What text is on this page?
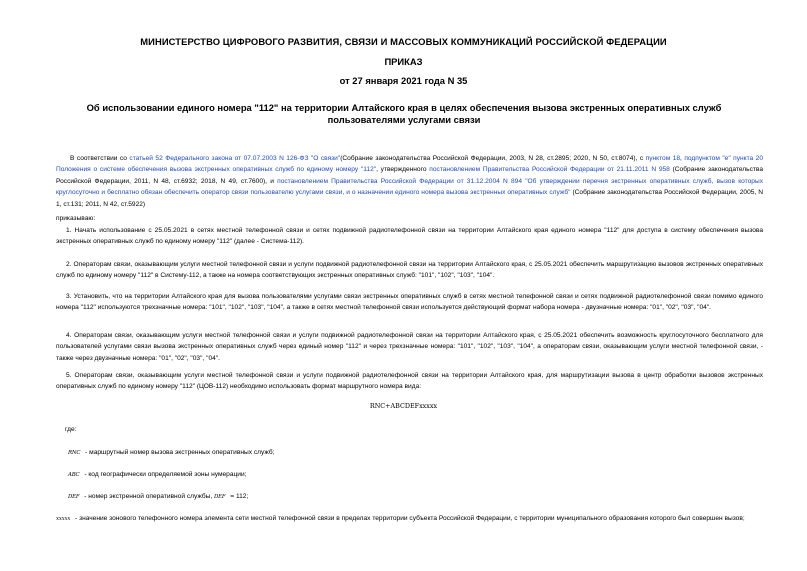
МИНИСТЕРСТВО ЦИФРОВОГО РАЗВИТИЯ, СВЯЗИ И МАССОВЫХ КОММУНИКАЦИЙ РОССИЙСКОЙ ФЕДЕРАЦИИ
ПРИКАЗ
от 27 января 2021 года N 35
Об использовании единого номера "112" на территории Алтайского края в целях обеспечения вызова экстренных оперативных служб пользователями услугами связи
В соответствии со статьей 52 Федерального закона от 07.07.2003 N 126-ФЗ "О связи"(Собрание законодательства Российской Федерации, 2003, N 28, ст.2895; 2020, N 50, ст.8074), с пунктом 18, подпунктом "е" пункта 20 Положения о системе обеспечения вызова экстренных оперативных служб по единому номеру "112", утвержденного постановлением Правительства Российской Федерации от 21.11.2011 N 958 (Собрание законодательства Российской Федерации, 2011, N 48, ст.6932; 2018, N 49, ст.7600), и постановлением Правительства Российской Федерации от 31.12.2004 N 894 "Об утверждении перечня экстренных оперативных служб, вызов которых круглосуточно и бесплатно обязан обеспечить оператор связи пользователю услугами связи, и о назначении единого номера вызова экстренных оперативных служб" (Собрание законодательства Российской Федерации, 2005, N 1, ст.131; 2011, N 42, ст.5922)
приказываю:
1. Начать использование с 25.05.2021 в сетях местной телефонной связи и сетях подвижной радиотелефонной связи на территории Алтайского края единого номера "112" для доступа в систему обеспечения вызова экстренных оперативных служб по единому номеру "112" (далее - Система-112).
2. Операторам связи, оказывающим услуги местной телефонной связи и услуги подвижной радиотелефонной связи на территории Алтайского края, с 25.05.2021 обеспечить маршрутизацию вызовов экстренных оперативных служб по единому номеру "112" в Систему-112, а также на номера соответствующих экстренных оперативных служб: "101", "102", "103", "104".
3. Установить, что на территории Алтайского края для вызова пользователями услугами связи экстренных оперативных служб в сетях местной телефонной связи и сетях подвижной радиотелефонной связи помимо единого номера "112" используются трехзначные номера: "101", "102", "103", "104", а также в сетях местной телефонной связи используется действующий формат набора номера - двузначные номера: "01", "02", "03", "04".
4. Операторам связи, оказывающим услуги местной телефонной связи и услуги подвижной радиотелефонной связи на территории Алтайского края, с 25.05.2021 обеспечить возможность круглосуточного бесплатного для пользователей услугами связи вызова экстренных оперативных служб через единый номер "112" и через трехзначные номера: "101", "102", "103", "104", а операторам связи, оказывающим услуги местной телефонной связи, - также через двузначные номера: "01", "02", "03", "04".
5. Операторам связи, оказывающим услуги местной телефонной связи и услуги подвижной радиотелефонной связи на территории Алтайского края, для маршрутизации вызова в центр обработки вызовов экстренных оперативных служб по единому номеру "112" (ЦОВ-112) необходимо использовать формат маршрутного номера вида:
RNC+ABCDEFxxxxx
где:
RNC - маршрутный номер вызова экстренных оперативных служб;
ABC - код географически определяемой зоны нумерации;
DEF - номер экстренной оперативной службы, DEF = 112;
xxxxx - значение зонового телефонного номера элемента сети местной телефонной связи в пределах территории субъекта Российской Федерации, с территории муниципального образования которого был совершен вызов;
